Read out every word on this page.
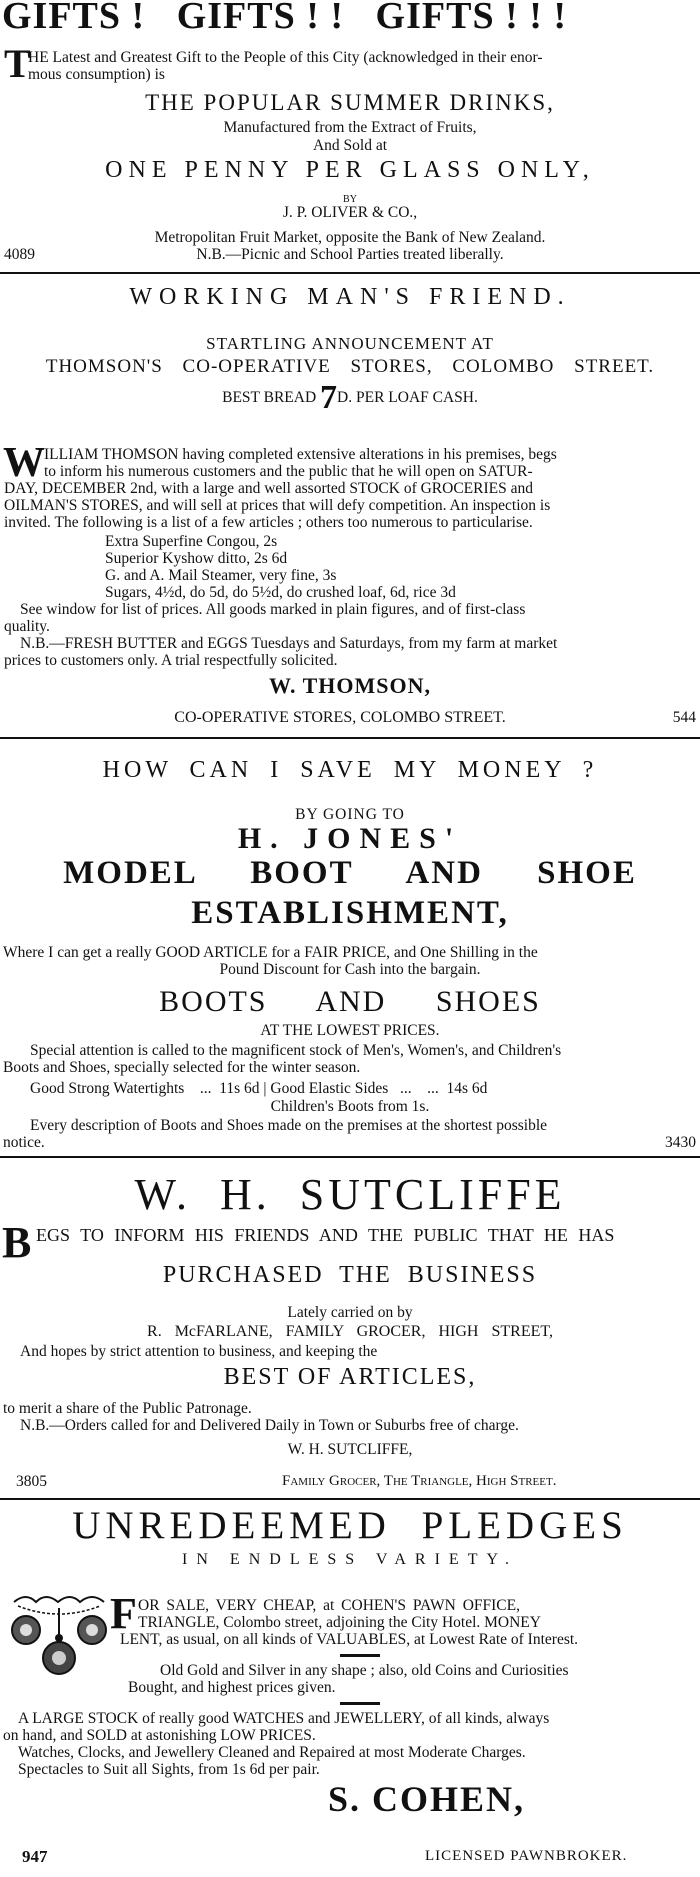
GIFTS !   GIFTS ! !   GIFTS ! ! !
T
HE Latest and Greatest Gift to the People of this City (acknowledged in their enor-
mous consumption) is
THE POPULAR SUMMER DRINKS,
Manufactured from the Extract of Fruits,
And Sold at
ONE PENNY PER GLASS ONLY,
BY
J. P. OLIVER & CO.,
Metropolitan Fruit Market, opposite the Bank of New Zealand.
4089	N.B.—Picnic and School Parties treated liberally.
WORKING MAN'S FRIEND.
STARTLING ANNOUNCEMENT AT
THOMSON'S CO-OPERATIVE STORES, COLOMBO STREET.
BEST BREAD 7D. PER LOAF CASH.
W ILLIAM THOMSON having completed extensive alterations in his premises, begs
to inform his numerous customers and the public that he will open on SATUR-
DAY, DECEMBER 2nd, with a large and well assorted STOCK of GROCERIES and
OILMAN'S STORES, and will sell at prices that will defy competition. An inspection is
invited. The following is a list of a few articles ; others too numerous to particularise.
Extra Superfine Congou, 2s
Superior Kyshow ditto, 2s 6d
G. and A. Mail Steamer, very fine, 3s
Sugars, 4½d, do 5d, do 5½d, do crushed loaf, 6d, rice 3d
See window for list of prices. All goods marked in plain figures, and of first-class
quality.
N.B.—FRESH BUTTER and EGGS Tuesdays and Saturdays, from my farm at market
prices to customers only. A trial respectfully solicited.
W. THOMSON,
CO-OPERATIVE STORES, COLOMBO STREET.	544
HOW CAN I SAVE MY MONEY ?
BY GOING TO
H. JONES'
MODEL BOOT AND SHOE
ESTABLISHMENT,
Where I can get a really GOOD ARTICLE for a FAIR PRICE, and One Shilling in the
Pound Discount for Cash into the bargain.
BOOTS AND SHOES
AT THE LOWEST PRICES.
Special attention is called to the magnificent stock of Men's, Women's, and Children's
Boots and Shoes, specially selected for the winter season.
Good Strong Watertights    ...  11s 6d | Good Elastic Sides   ...    ...  14s 6d
Children's Boots from 1s.
Every description of Boots and Shoes made on the premises at the shortest possible
notice.	3430
W. H. SUTCLIFFE
B EGS TO INFORM HIS FRIENDS AND THE PUBLIC THAT HE HAS
PURCHASED THE BUSINESS
Lately carried on by
R. McFARLANE, FAMILY GROCER, HIGH STREET,
And hopes by strict attention to business, and keeping the
BEST OF ARTICLES,
to merit a share of the Public Patronage.
N.B.—Orders called for and Delivered Daily in Town or Suburbs free of charge.
W. H. SUTCLIFFE,
3805	Family Grocer, The Triangle, High Street.
UNREDEEMED PLEDGES
IN ENDLESS VARIETY.
F OR SALE, VERY CHEAP, at COHEN'S PAWN OFFICE,
TRIANGLE, Colombo street, adjoining the City Hotel. MONEY
LENT, as usual, on all kinds of VALUABLES, at Lowest Rate of Interest.
Old Gold and Silver in any shape ; also, old Coins and Curiosities
Bought, and highest prices given.
A LARGE STOCK of really good WATCHES and JEWELLERY, of all kinds, always
on hand, and SOLD at astonishing LOW PRICES.
Watches, Clocks, and Jewellery Cleaned and Repaired at most Moderate Charges.
Spectacles to Suit all Sights, from 1s 6d per pair.
S. COHEN,
947	LICENSED PAWNBROKER.
